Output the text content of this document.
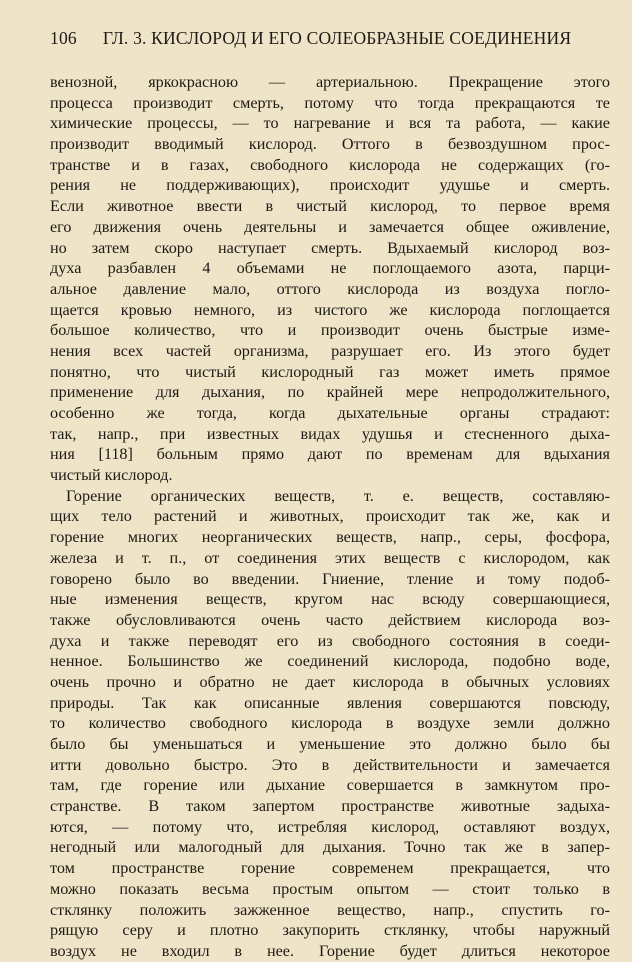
106 ГЛ. 3. КИСЛОРОД И ЕГО СОЛЕОБРАЗНЫЕ СОЕДИНЕНИЯ
венозной, яркокрасною — артериальною. Прекращение этого
процесса производит смерть, потому что тогда прекращаются те
химические процессы, — то нагревание и вся та работа, — какие
производит вводимый кислород. Оттого в безвоздушном прос-
транстве и в газах, свободного кислорода не содержащих (го-
рения не поддерживающих), происходит удушье и смерть.
Если животное ввести в чистый кислород, то первое время
его движения очень деятельны и замечается общее оживление,
но затем скоро наступает смерть. Вдыхаемый кислород воз-
духа разбавлен 4 объемами не поглощаемого азота, парци-
альное давление мало, оттого кислорода из воздуха погло-
щается кровью немного, из чистого же кислорода поглощается
большое количество, что и производит очень быстрые изме-
нения всех частей организма, разрушает его. Из этого будет
понятно, что чистый кислородный газ может иметь прямое
применение для дыхания, по крайней мере непродолжительного,
особенно же тогда, когда дыхательные органы страдают:
так, напр., при известных видах удушья и стесненного дыха-
ния [118] больным прямо дают по временам для вдыхания
чистый кислород.
Горение органических веществ, т. е. веществ, составляю-
щих тело растений и животных, происходит так же, как и
горение многих неорганических веществ, напр., серы, фосфора,
железа и т. п., от соединения этих веществ с кислородом, как
говорено было во введении. Гниение, тление и тому подоб-
ные изменения веществ, кругом нас всюду совершающиеся,
также обусловливаются очень часто действием кислорода воз-
духа и также переводят его из свободного состояния в соеди-
ненное. Большинство же соединений кислорода, подобно воде,
очень прочно и обратно не дает кислорода в обычных условиях
природы. Так как описанные явления совершаются повсюду,
то количество свободного кислорода в воздухе земли должно
было бы уменьшаться и уменьшение это должно было бы
итти довольно быстро. Это в действительности и замечается
там, где горение или дыхание совершается в замкнутом про-
странстве. В таком запертом пространстве животные задыха-
ются, — потому что, истребляя кислород, оставляют воздух,
негодный или малогодный для дыхания. Точно так же в запер-
том пространстве горение современем прекращается, что
можно показать весьма простым опытом — стоит только в
стклянку положить зажженное вещество, напр., спустить го-
рящую серу и плотно закупорить стклянку, чтобы наружный
воздух не входил в нее. Горение будет длиться некоторое
